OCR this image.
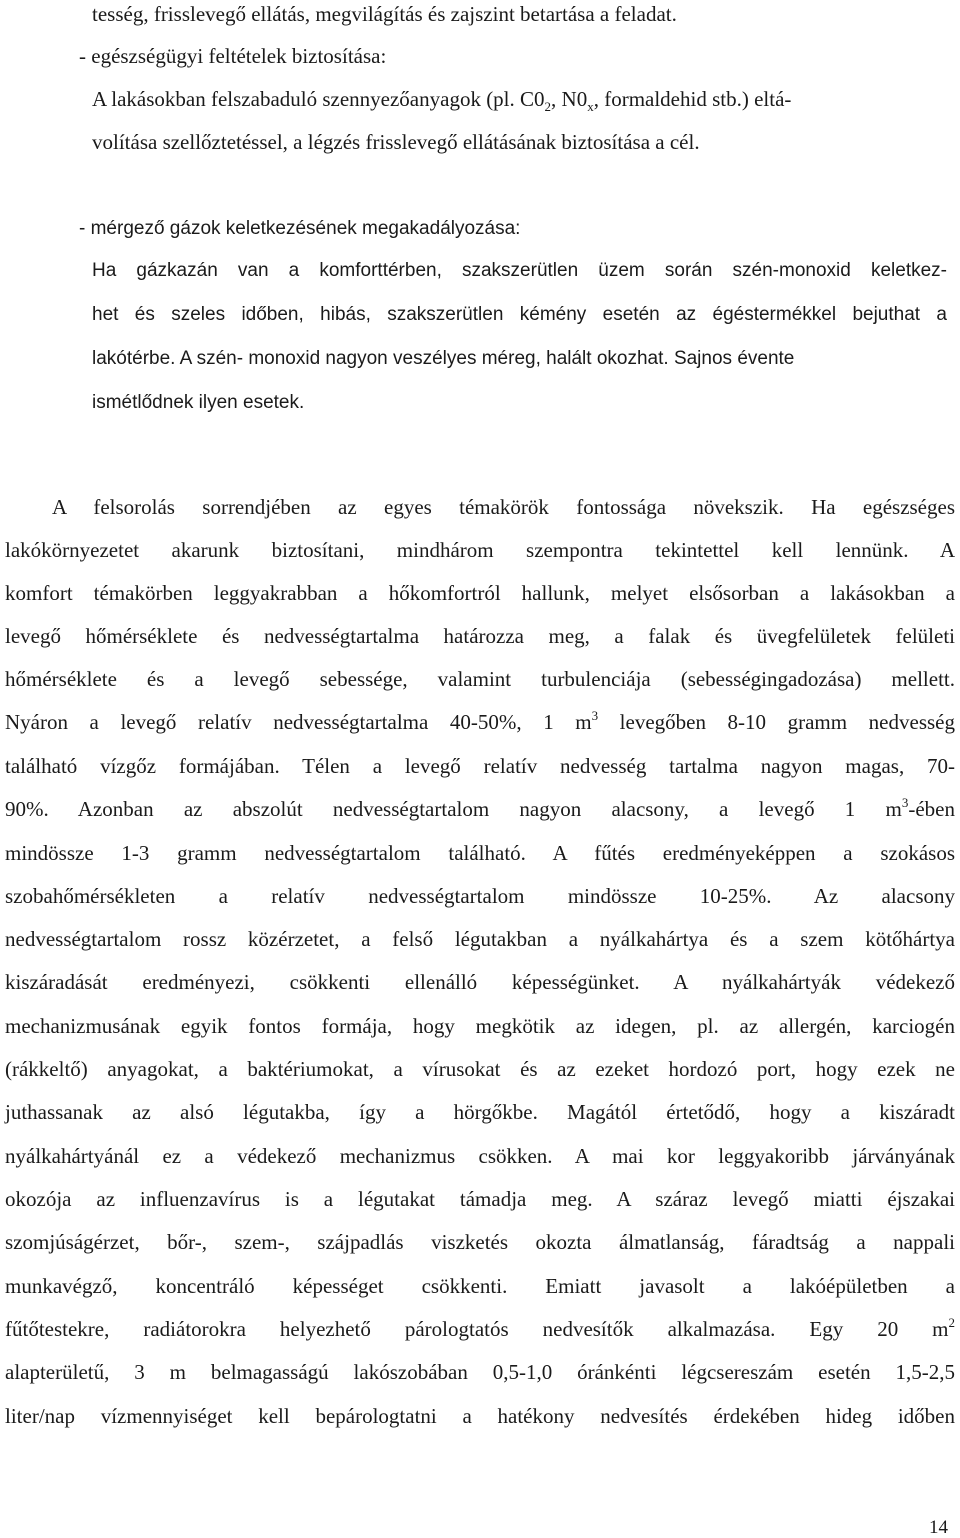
tesség, frisslevegő ellátás, megvilágítás és zajszint betartása a feladat.
- egészségügyi feltételek biztosítása:
A lakásokban felszabaduló szennyezőanyagok (pl. $C0_2$, $N0_x$, formaldehid stb.) eltá-
volítása szellőztetéssel, a légzés frisslevegő ellátásának biztosítása a cél.
- mérgező gázok keletkezésének megakadályozása:
Ha gázkazán van a komforttérben, szakszerütlen üzem során szén-monoxid keletkez-
het és szeles időben, hibás, szakszerütlen kémény esetén az égéstermékkel bejuthat a
lakótérbe. A szén- monoxid nagyon veszélyes méreg, halált okozhat. Sajnos évente
ismétlődnek ilyen esetek.
A felsorolás sorrendjében az egyes témakörök fontossága növekszik. Ha egészséges
lakókörnyezetet akarunk biztosítani, mindhárom szempontra tekintettel kell lennünk. A
komfort témakörben leggyakrabban a hőkomfortról hallunk, melyet elsősorban a lakásokban a
levegő hőmérséklete és nedvességtartalma határozza meg, a falak és üvegfelületek felületi
hőmérséklete és a levegő sebessége, valamint turbulenciája (sebességingadozása) mellett.
Nyáron a levegő relatív nedvességtartalma 40-50%, 1 $m^3$ levegőben 8-10 gramm nedvesség
található vízgőz formájában. Télen a levegő relatív nedvesség tartalma nagyon magas, 70-
90%. Azonban az abszolút nedvességtartalom nagyon alacsony, a levegő 1 $m^3$-ében
mindössze 1-3 gramm nedvességtartalom található. A fűtés eredményeképpen a szokásos
szobahőmérsékleten a relatív nedvességtartalom mindössze 10-25%. Az alacsony
nedvességtartalom rossz közérzetet, a felső légutakban a nyálkahártya és a szem kötőhártya
kiszáradását eredményezi, csökkenti ellenálló képességünket. A nyálkahártyák védekező
mechanizmusának egyik fontos formája, hogy megkötik az idegen, pl. az allergén, karciogén
(rákkeltő) anyagokat, a baktériumokat, a vírusokat és az ezeket hordozó port, hogy ezek ne
juthassanak az alsó légutakba, így a hörgőkbe. Magától értetődő, hogy a kiszáradt
nyálkahártyánál ez a védekező mechanizmus csökken. A mai kor leggyakoribb járványának
okozója az influenzavírus is a légutakat támadja meg. A száraz levegő miatti éjszakai
szomjúságérzet, bőr-, szem-, szájpadlás viszketés okozta álmatlanság, fáradtság a nappali
munkavégző, koncentráló képességet csökkenti. Emiatt javasolt a lakóépületben a
fűtőtestekre, radiátorokra helyezhető párologtatós nedvesítők alkalmazása. Egy 20 $m^2$
alapterületű, 3 m belmagasságú lakószobában 0,5-1,0 óránkénti légcsereszám esetén 1,5-2,5
liter/nap vízmennyiséget kell bepárologtatni a hatékony nedvesítés érdekében hideg időben
14
